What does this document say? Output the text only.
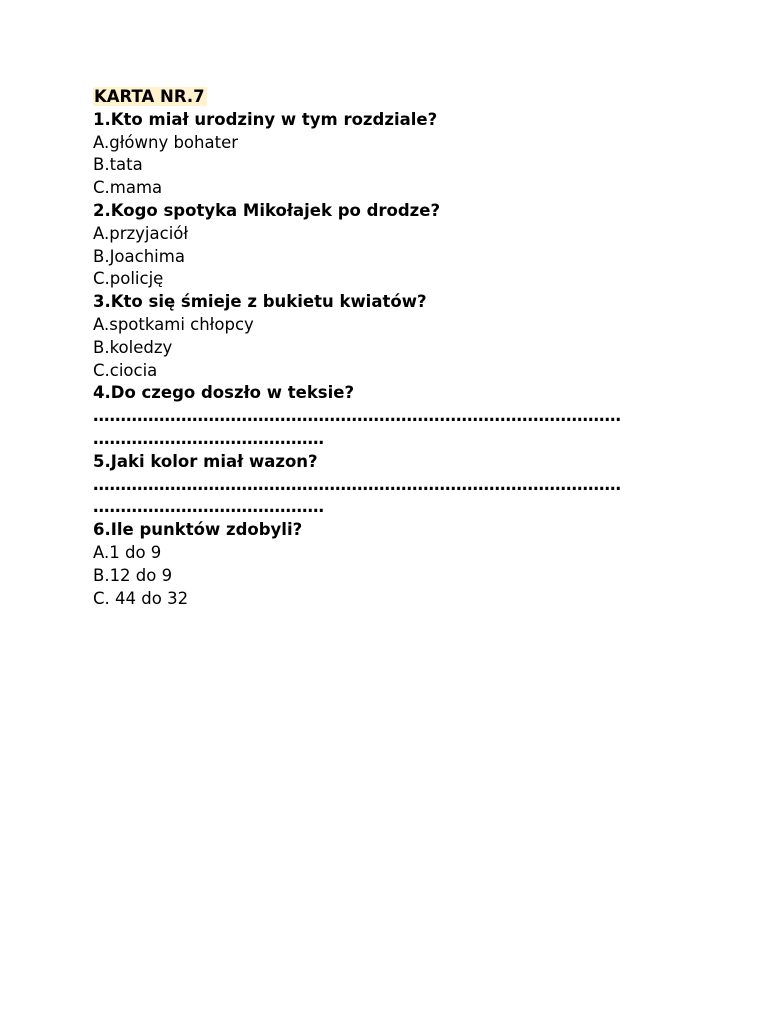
KARTA NR.7
1.Kto miał urodziny w tym rozdziale?
A.główny bohater
B.tata
C.mama
2.Kogo spotyka Mikołajek po drodze?
A.przyjaciół
B.Joachima
C.policję
3.Kto się śmieje z bukietu kwiatów?
A.spotkami chłopcy
B.koledzy
C.ciocia
4.Do czego doszło w teksie?
……………………………………………………………………………………
……………………………………
5.Jaki kolor miał wazon?
……………………………………………………………………………………
……………………………………
6.Ile punktów zdobyli?
A.1 do 9
B.12 do 9
C. 44 do 32
